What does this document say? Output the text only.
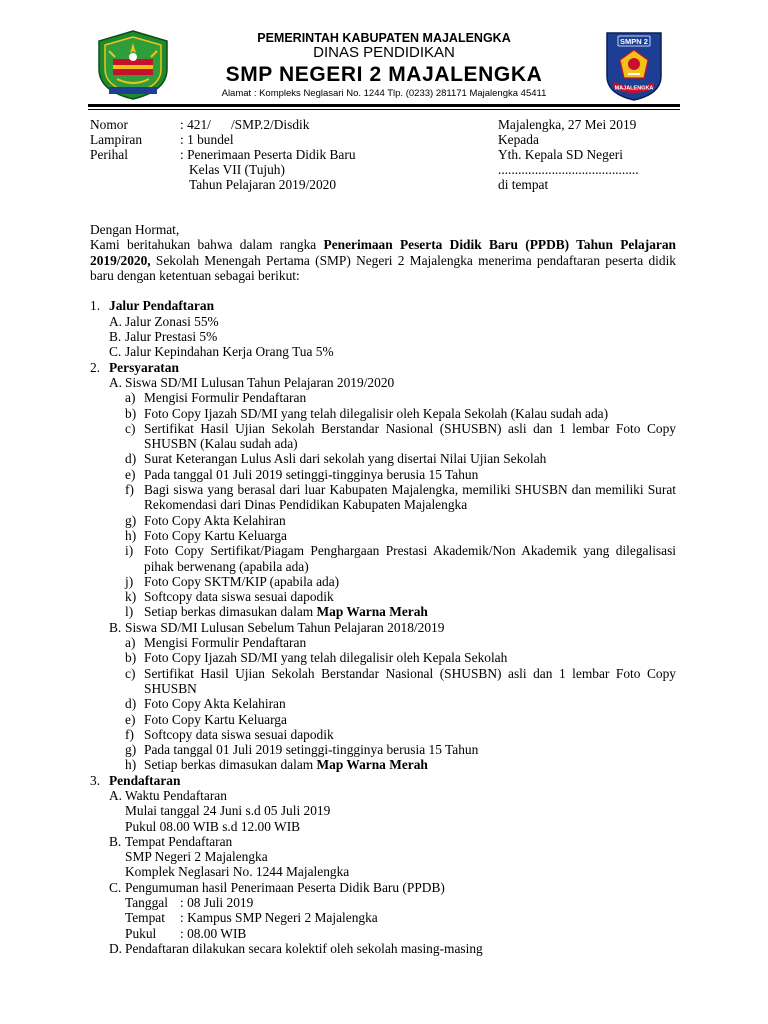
SMPN 2
MAJALENGKA
PEMERINTAH KABUPATEN MAJALENGKA
DINAS PENDIDIKAN
SMP NEGERI 2 MAJALENGKA
Alamat : Kompleks Neglasari No. 1244 Tlp. (0233) 281171 Majalengka 45411
Nomor	: 421/      /SMP.2/Disdik
Lampiran	: 1 bundel
Perihal	: Penerimaan Peserta Didik Baru
Kelas VII (Tujuh)
Tahun Pelajaran 2019/2020
Majalengka, 27 Mei 2019
Kepada
Yth. Kepala SD Negeri
..........................................
di tempat

Dengan Hormat,

Kami beritahukan bahwa dalam rangka Penerimaan Peserta Didik Baru (PPDB) Tahun Pelajaran 2019/2020, Sekolah Menengah Pertama (SMP) Negeri 2 Majalengka menerima pendaftaran peserta didik baru dengan ketentuan sebagai berikut:

1. Jalur Pendaftaran
A. Jalur Zonasi 55%
B. Jalur Prestasi 5%
C. Jalur Kepindahan Kerja Orang Tua 5%
2. Persyaratan
A. Siswa SD/MI Lulusan Tahun Pelajaran 2019/2020
a) Mengisi Formulir Pendaftaran
b) Foto Copy Ijazah SD/MI yang telah dilegalisir oleh Kepala Sekolah (Kalau sudah ada)
c) Sertifikat Hasil Ujian Sekolah Berstandar Nasional (SHUSBN) asli dan 1 lembar Foto Copy SHUSBN (Kalau sudah ada)
d) Surat Keterangan Lulus Asli dari sekolah yang disertai Nilai Ujian Sekolah
e) Pada tanggal 01 Juli 2019 setinggi-tingginya berusia 15 Tahun
f) Bagi siswa yang berasal dari luar Kabupaten Majalengka, memiliki SHUSBN dan memiliki Surat Rekomendasi dari Dinas Pendidikan Kabupaten Majalengka
g) Foto Copy Akta Kelahiran
h) Foto Copy Kartu Keluarga
i) Foto Copy Sertifikat/Piagam Penghargaan Prestasi Akademik/Non Akademik yang dilegalisasi pihak berwenang (apabila ada)
j) Foto Copy SKTM/KIP (apabila ada)
k) Softcopy data siswa sesuai dapodik
l) Setiap berkas dimasukan dalam Map Warna Merah
B. Siswa SD/MI Lulusan Sebelum Tahun Pelajaran 2018/2019
a) Mengisi Formulir Pendaftaran
b) Foto Copy Ijazah SD/MI yang telah dilegalisir oleh Kepala Sekolah
c) Sertifikat Hasil Ujian Sekolah Berstandar Nasional (SHUSBN) asli dan 1 lembar Foto Copy SHUSBN
d) Foto Copy Akta Kelahiran
e) Foto Copy Kartu Keluarga
f) Softcopy data siswa sesuai dapodik
g) Pada tanggal 01 Juli 2019 setinggi-tingginya berusia 15 Tahun
h) Setiap berkas dimasukan dalam Map Warna Merah
3. Pendaftaran
A. Waktu Pendaftaran
Mulai tanggal 24 Juni s.d 05 Juli 2019
Pukul 08.00 WIB s.d 12.00 WIB
B. Tempat Pendaftaran
SMP Negeri 2 Majalengka
Komplek Neglasari No. 1244 Majalengka
C. Pengumuman hasil Penerimaan Peserta Didik Baru (PPDB)
Tanggal : 08 Juli 2019
Tempat	: Kampus SMP Negeri 2 Majalengka
Pukul	: 08.00 WIB
D. Pendaftaran dilakukan secara kolektif oleh sekolah masing-masing
